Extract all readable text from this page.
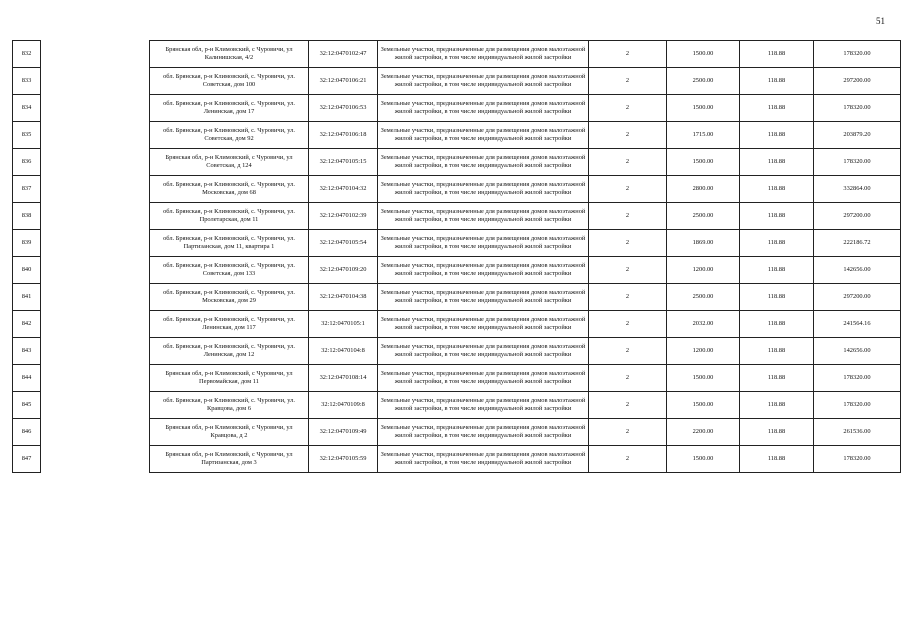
51
832		Брянская обл, р-н Климовский, с Чуровичи, ул Калинишская, 4/2	32:12:0470102:47	Земельные участки, предназначенные для размещения домов малоэтажной жилой застройки, в том числе индивидуальной жилой застройки	2	1500.00	118.88	178320.00
833		обл. Брянская, р-н Климовский, с. Чуровичи, ул. Советская, дом 100	32:12:0470106:21	Земельные участки, предназначенные для размещения домов малоэтажной жилой застройки, в том числе индивидуальной жилой застройки	2	2500.00	118.88	297200.00
834		обл. Брянская, р-н Климовский, с. Чуровичи, ул. Ленинская, дом 17	32:12:0470106:53	Земельные участки, предназначенные для размещения домов малоэтажной жилой застройки, в том числе индивидуальной жилой застройки	2	1500.00	118.88	178320.00
835		обл. Брянская, р-н Климовский, с. Чуровичи, ул. Советская, дом 92	32:12:0470106:18	Земельные участки, предназначенные для размещения домов малоэтажной жилой застройки, в том числе индивидуальной жилой застройки	2	1715.00	118.88	203879.20
836		Брянская обл, р-н Климовский, с Чуровичи, ул Советская, д 124	32:12:0470105:15	Земельные участки, предназначенные для размещения домов малоэтажной жилой застройки, в том числе индивидуальной жилой застройки	2	1500.00	118.88	178320.00
837		обл. Брянская, р-н Климовский, с. Чуровичи, ул. Московская, дом 68	32:12:0470104:32	Земельные участки, предназначенные для размещения домов малоэтажной жилой застройки, в том числе индивидуальной жилой застройки	2	2800.00	118.88	332864.00
838		обл. Брянская, р-н Климовский, с. Чуровичи, ул. Пролетарская, дом 11	32:12:0470102:39	Земельные участки, предназначенные для размещения домов малоэтажной жилой застройки, в том числе индивидуальной жилой застройки	2	2500.00	118.88	297200.00
839		обл. Брянская, р-н Климовский, с. Чуровичи, ул. Партизанская, дом 11, квартира 1	32:12:0470105:54	Земельные участки, предназначенные для размещения домов малоэтажной жилой застройки, в том числе индивидуальной жилой застройки	2	1869.00	118.88	222186.72
840		обл. Брянская, р-н Климовский, с. Чуровичи, ул. Советская, дом 133	32:12:0470109:20	Земельные участки, предназначенные для размещения домов малоэтажной жилой застройки, в том числе индивидуальной жилой застройки	2	1200.00	118.88	142656.00
841		обл. Брянская, р-н Климовский, с. Чуровичи, ул. Московская, дом 29	32:12:0470104:38	Земельные участки, предназначенные для размещения домов малоэтажной жилой застройки, в том числе индивидуальной жилой застройки	2	2500.00	118.88	297200.00
842		обл. Брянская, р-н Климовский, с. Чуровичи, ул. Ленинская, дом 117	32:12:0470105:1	Земельные участки, предназначенные для размещения домов малоэтажной жилой застройки, в том числе индивидуальной жилой застройки	2	2032.00	118.88	241564.16
843		обл. Брянская, р-н Климовский, с. Чуровичи, ул. Ленинская, дом 12	32:12:0470104:8	Земельные участки, предназначенные для размещения домов малоэтажной жилой застройки, в том числе индивидуальной жилой застройки	2	1200.00	118.88	142656.00
844		Брянская обл, р-н Климовский, с Чуровичи, ул Первомайская, дом 11	32:12:0470108:14	Земельные участки, предназначенные для размещения домов малоэтажной жилой застройки, в том числе индивидуальной жилой застройки	2	1500.00	118.88	178320.00
845		обл. Брянская, р-н Климовский, с. Чуровичи, ул. Кравцова, дом 6	32:12:0470109:8	Земельные участки, предназначенные для размещения домов малоэтажной жилой застройки, в том числе индивидуальной жилой застройки	2	1500.00	118.88	178320.00
846		Брянская обл, р-н Климовский, с Чуровичи, ул Кравцова, д 2	32:12:0470109:49	Земельные участки, предназначенные для размещения домов малоэтажной жилой застройки, в том числе индивидуальной жилой застройки	2	2200.00	118.88	261536.00
847		Брянская обл, р-н Климовский, с Чуровичи, ул Партизанская, дом 3	32:12:0470105:59	Земельные участки, предназначенные для размещения домов малоэтажной жилой застройки, в том числе индивидуальной жилой застройки	2	1500.00	118.88	178320.00
